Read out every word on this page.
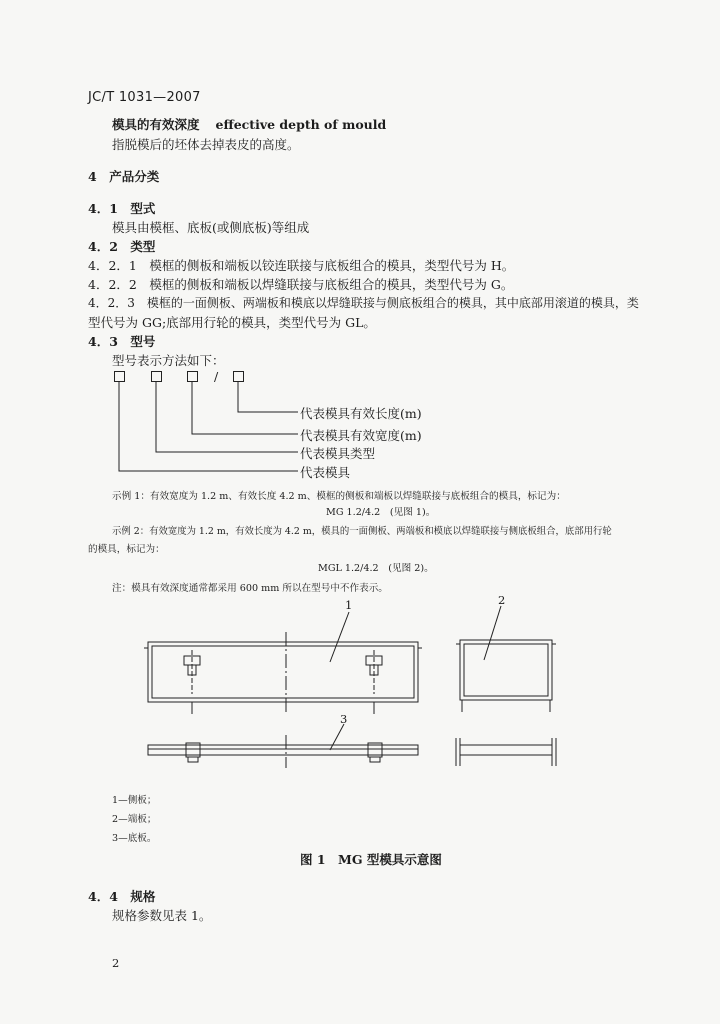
JC/T 1031—2007
模具的有效深度 effective depth of mould
指脱模后的坯体去掉表皮的高度。
4　产品分类
4．1　型式
模具由模框、底板(或侧底板)等组成
4．2　类型
4．2．1　模框的侧板和端板以铰连联接与底板组合的模具，类型代号为 H。
4．2．2　模框的侧板和端板以焊缝联接与底板组合的模具，类型代号为 G。
4．2．3　模框的一面侧板、两端板和模底以焊缝联接与侧底板组合的模具，其中底部用滚道的模具，类
型代号为 GG;底部用行轮的模具，类型代号为 GL。
4．3　型号
型号表示方法如下：
/
代表模具有效长度(m)
代表模具有效宽度(m)
代表模具类型
代表模具
示例 1：有效宽度为 1.2 m、有效长度 4.2 m、模框的侧板和端板以焊缝联接与底板组合的模具，标记为：
MG 1.2/4.2　(见图 1)。
示例 2：有效宽度为 1.2 m，有效长度为 4.2 m，模具的一面侧板、两端板和模底以焊缝联接与侧底板组合，底部用行轮
的模具，标记为：
MGL 1.2/4.2　(见图 2)。
注：模具有效深度通常都采用 600 mm 所以在型号中不作表示。
1	2
3
1—侧板；
2—端板；
3—底板。
图 1　MG 型模具示意图
4．4　规格
规格参数见表 1。
2
